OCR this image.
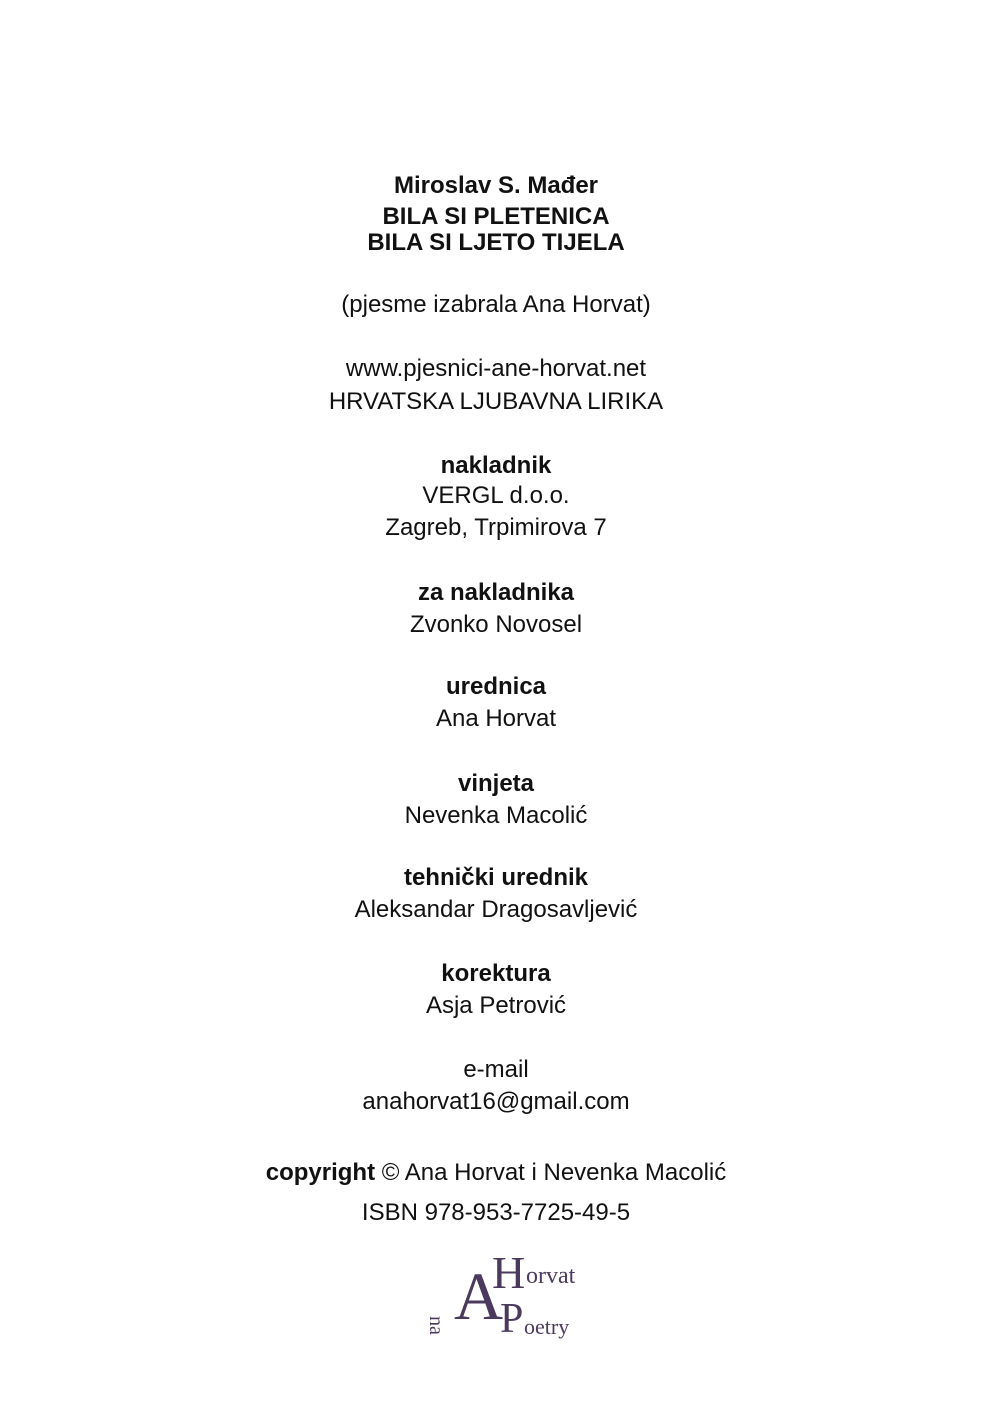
Miroslav S. Mađer
BILA SI PLETENICA
BILA SI LJETO TIJELA
(pjesme izabrala Ana Horvat)
www.pjesnici-ane-horvat.net
HRVATSKA LJUBAVNA LIRIKA
nakladnik
VERGL d.o.o.
Zagreb, Trpimirova 7
za nakladnika
Zvonko Novosel
urednica
Ana Horvat
vinjeta
Nevenka Macolić
tehnički urednik
Aleksandar Dragosavljević
korektura
Asja Petrović
e-mail
anahorvat16@gmail.com
copyright © Ana Horvat i Nevenka Macolić
ISBN 978-953-7725-49-5
A
H orvat
P oetry
na
